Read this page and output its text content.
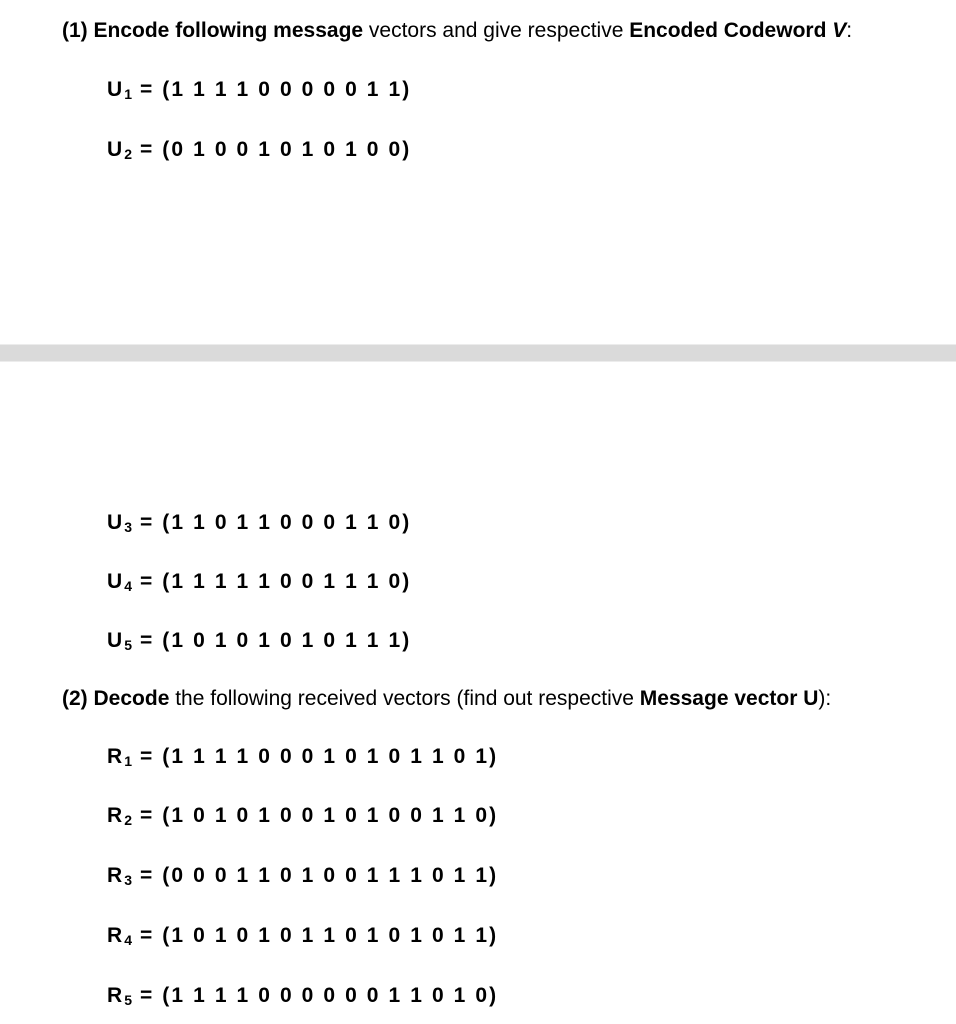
(1) Encode following message vectors and give respective Encoded Codeword V:
$U_1 = (1$ 1 1 1 0 0 0 0 0 1 1)
$U_2 = (0$ 1 0 0 1 0 1 0 1 0 0)
$U_3 = (1$ 1 0 1 1 0 0 0 1 1 0)
$U_4 = (1$ 1 1 1 1 0 0 1 1 1 0)
$U_5 = (1$ 0 1 0 1 0 1 0 1 1 1)
(2) Decode the following received vectors (find out respective Message vector U):
$R_1 = (1$ 1 1 1 0 0 0 1 0 1 0 1 1 0 1)
$R_2 = (1$ 0 1 0 1 0 0 1 0 1 0 0 1 1 0)
$R_3 = (0$ 0 0 1 1 0 1 0 0 1 1 1 0 1 1)
$R_4 = (1$ 0 1 0 1 0 1 1 0 1 0 1 0 1 1)
$R_5 = (1$ 1 1 1 0 0 0 0 0 0 1 1 0 1 0)
